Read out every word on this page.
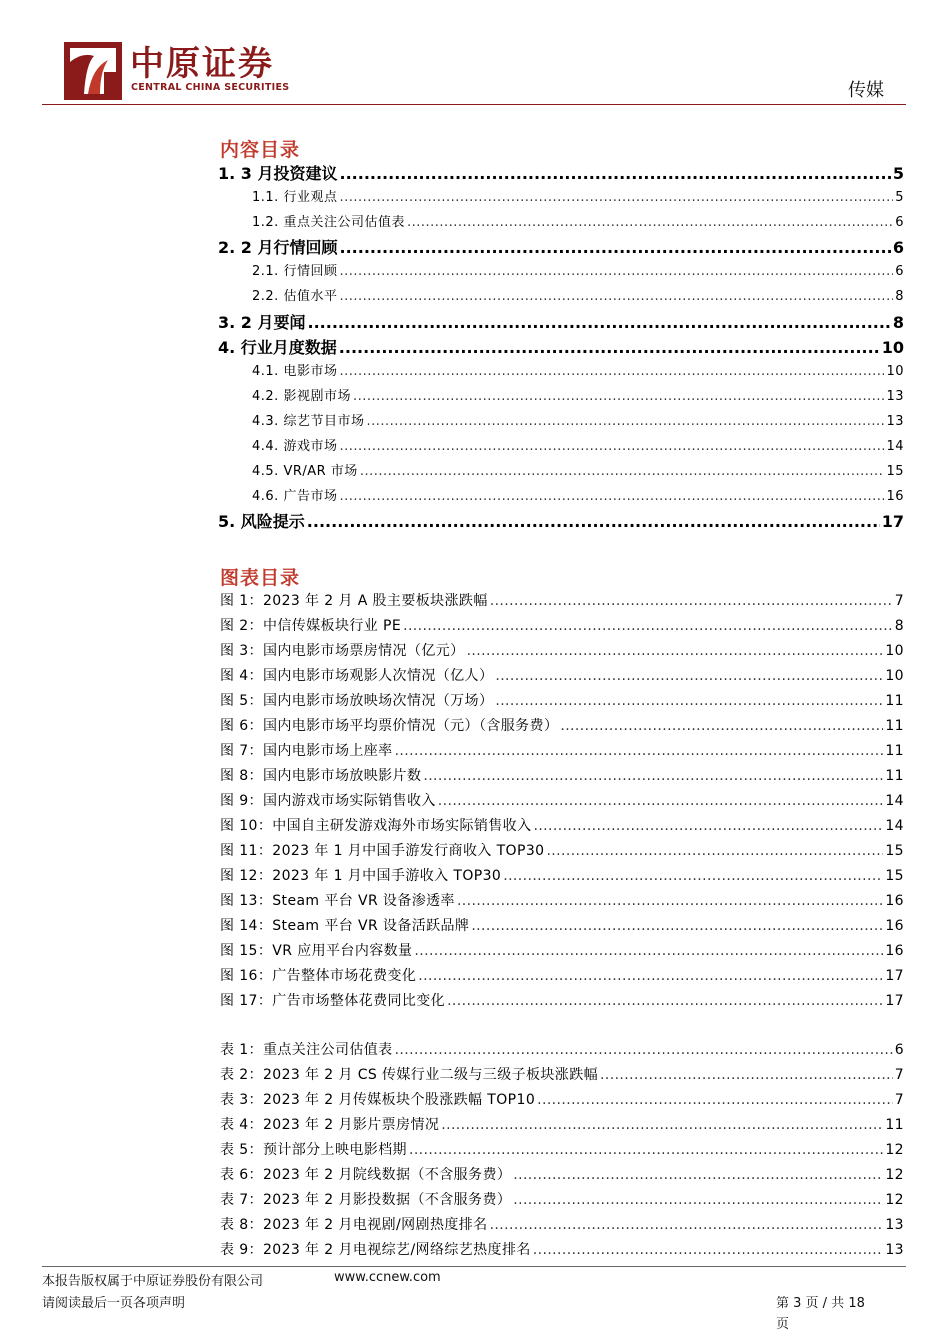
中原证券
CENTRAL CHINA SECURITIES	传媒
内容目录
1. 3 月投资建议 .....	5
1.1. 行业观点 .....	5
1.2. 重点关注公司估值表 .....	6
2. 2 月行情回顾 .....	6
2.1. 行情回顾 .....	6
2.2. 估值水平 .....	8
3. 2 月要闻 .....	8
4. 行业月度数据 .....	10
4.1. 电影市场 .....	10
4.2. 影视剧市场 .....	13
4.3. 综艺节目市场 .....	13
4.4. 游戏市场 .....	14
4.5. VR/AR 市场 .....	15
4.6. 广告市场 .....	16
5. 风险提示 .....	17
图表目录
图 1：2023 年 2 月 A 股主要板块涨跌幅 .....	7
图 2：中信传媒板块行业 PE .....	8
图 3：国内电影市场票房情况（亿元） .....	10
图 4：国内电影市场观影人次情况（亿人） .....	10
图 5：国内电影市场放映场次情况（万场） .....	11
图 6：国内电影市场平均票价情况（元）（含服务费） .....	11
图 7：国内电影市场上座率 .....	11
图 8：国内电影市场放映影片数 .....	11
图 9：国内游戏市场实际销售收入 .....	14
图 10：中国自主研发游戏海外市场实际销售收入 .....	14
图 11：2023 年 1 月中国手游发行商收入 TOP30 .....	15
图 12：2023 年 1 月中国手游收入 TOP30 .....	15
图 13：Steam 平台 VR 设备渗透率 .....	16
图 14：Steam 平台 VR 设备活跃品牌 .....	16
图 15：VR 应用平台内容数量 .....	16
图 16：广告整体市场花费变化 .....	17
图 17：广告市场整体花费同比变化 .....	17
表 1：重点关注公司估值表 .....	6
表 2：2023 年 2 月 CS 传媒行业二级与三级子板块涨跌幅 .....	7
表 3：2023 年 2 月传媒板块个股涨跌幅 TOP10 .....	7
表 4：2023 年 2 月影片票房情况 .....	11
表 5：预计部分上映电影档期 .....	12
表 6：2023 年 2 月院线数据（不含服务费） .....	12
表 7：2023 年 2 月影投数据（不含服务费） .....	12
表 8：2023 年 2 月电视剧/网剧热度排名 .....	13
表 9：2023 年 2 月电视综艺/网络综艺热度排名 .....	13
本报告版权属于中原证券股份有限公司	www.ccnew.com
请阅读最后一页各项声明	第 3 页 / 共 18
页
